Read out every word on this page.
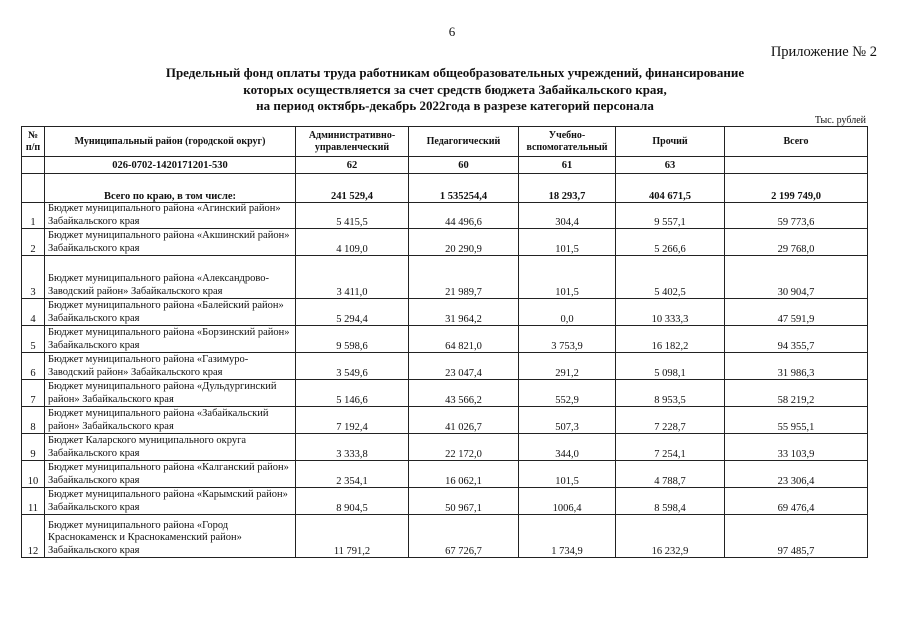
6
Приложение № 2
Предельный фонд оплаты труда работникам общеобразовательных учреждений, финансирование
которых осуществляется за счет средств бюджета Забайкальского края,
на период октябрь-декабрь 2022года в разрезе категорий персонала
Тыс. рублей
№ п/п	Муниципальный район (городской округ)	Административно-управленческий	Педагогический	Учебно-вспомогательный	Прочий	Всего
	026-0702-1420171201-530	62	60	61	63	
	Всего по краю, в том числе:	241 529,4	1 535254,4	18 293,7	404 671,5	2 199 749,0
1	Бюджет муниципального района «Агинский район» Забайкальского края	5 415,5	44 496,6	304,4	9 557,1	59 773,6
2	Бюджет муниципального района «Акшинский район» Забайкальского края	4 109,0	20 290,9	101,5	5 266,6	29 768,0
3	Бюджет муниципального района «Александрово-Заводский район» Забайкальского края	3 411,0	21 989,7	101,5	5 402,5	30 904,7
4	Бюджет муниципального района «Балейский район» Забайкальского края	5 294,4	31 964,2	0,0	10 333,3	47 591,9
5	Бюджет муниципального района «Борзинский район» Забайкальского края	9 598,6	64 821,0	3 753,9	16 182,2	94 355,7
6	Бюджет муниципального района «Газимуро-Заводский район» Забайкальского края	3 549,6	23 047,4	291,2	5 098,1	31 986,3
7	Бюджет муниципального района «Дульдургинский район» Забайкальского края	5 146,6	43 566,2	552,9	8 953,5	58 219,2
8	Бюджет муниципального района «Забайкальский район» Забайкальского края	7 192,4	41 026,7	507,3	7 228,7	55 955,1
9	Бюджет Каларского муниципального округа Забайкальского края	3 333,8	22 172,0	344,0	7 254,1	33 103,9
10	Бюджет муниципального района «Калганский район» Забайкальского края	2 354,1	16 062,1	101,5	4 788,7	23 306,4
11	Бюджет муниципального района «Карымский район» Забайкальского края	8 904,5	50 967,1	1006,4	8 598,4	69 476,4
12	Бюджет муниципального района «Город Краснокаменск и Краснокаменский район» Забайкальского края	11 791,2	67 726,7	1 734,9	16 232,9	97 485,7
